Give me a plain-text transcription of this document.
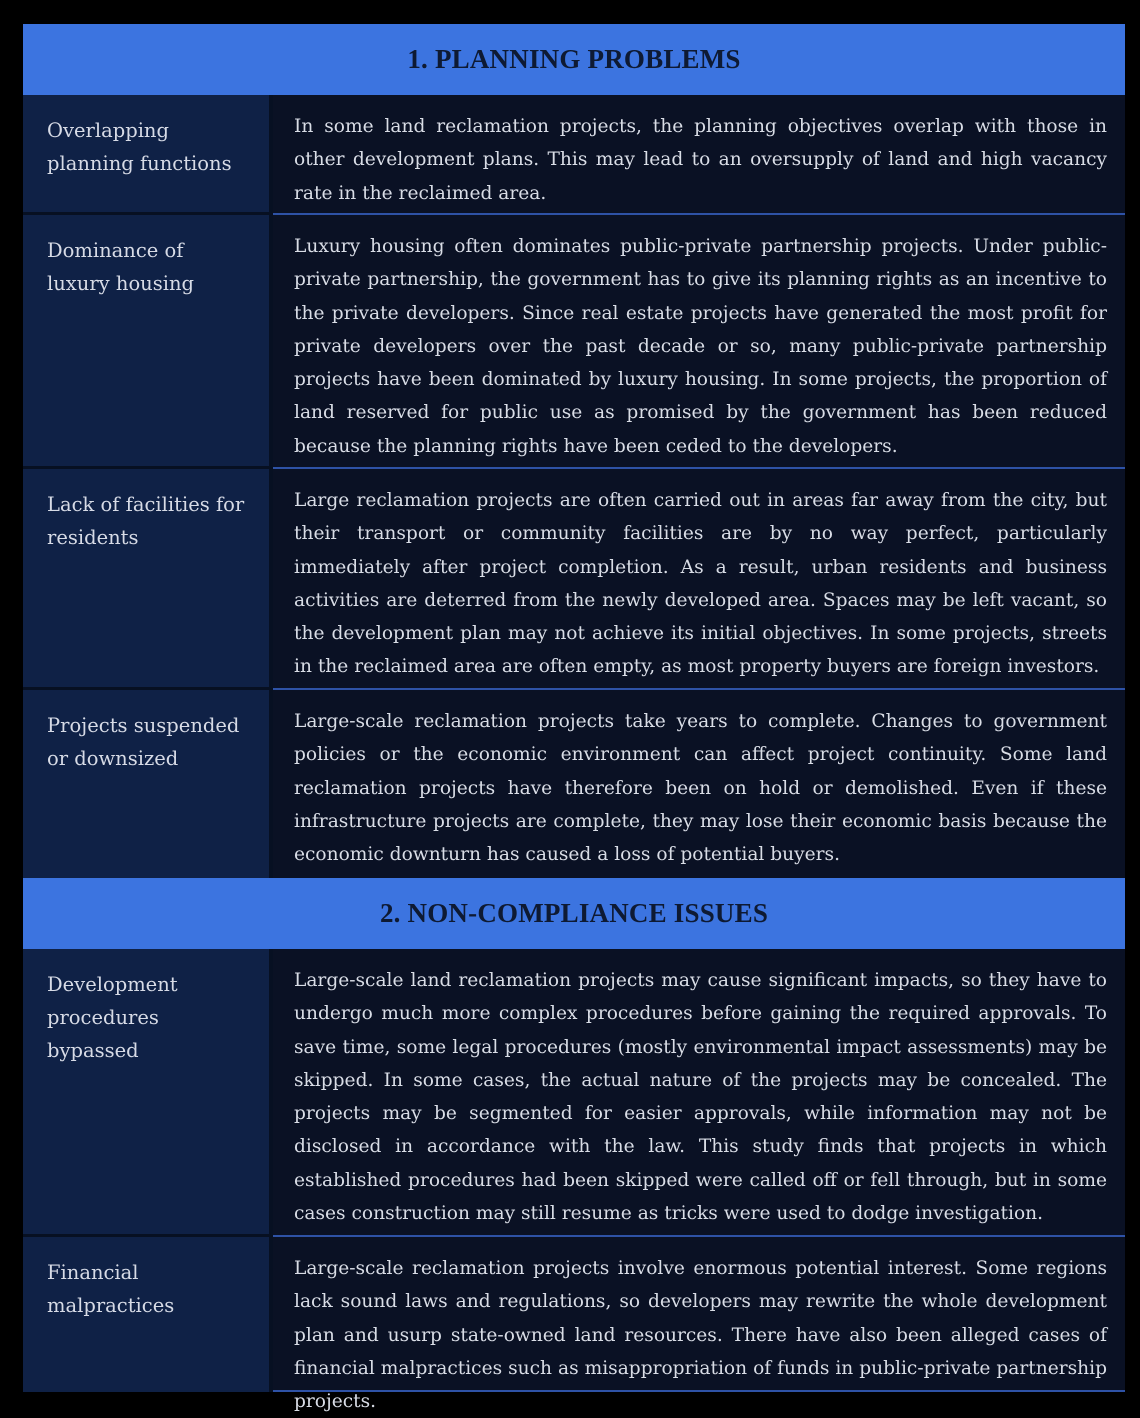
1. PLANNING PROBLEMS
Overlapping planning functions
In some land reclamation projects, the planning objectives overlap with those in other development plans. This may lead to an oversupply of land and high vacancy rate in the reclaimed area.
Dominance of luxury housing
Luxury housing often dominates public-private partnership projects. Under public-private partnership, the government has to give its planning rights as an incentive to the private developers. Since real estate projects have generated the most profit for private developers over the past decade or so, many public-private partnership projects have been dominated by luxury housing. In some projects, the proportion of land reserved for public use as promised by the government has been reduced because the planning rights have been ceded to the developers.
Lack of facilities for residents
Large reclamation projects are often carried out in areas far away from the city, but their transport or community facilities are by no way perfect, particularly immediately after project completion. As a result, urban residents and business activities are deterred from the newly developed area. Spaces may be left vacant, so the development plan may not achieve its initial objectives. In some projects, streets in the reclaimed area are often empty, as most property buyers are foreign investors.
Projects suspended or downsized
Large-scale reclamation projects take years to complete. Changes to government policies or the economic environment can affect project continuity. Some land reclamation projects have therefore been on hold or demolished. Even if these infrastructure projects are complete, they may lose their economic basis because the economic downturn has caused a loss of potential buyers.
2. NON-COMPLIANCE ISSUES
Development procedures bypassed
Large-scale land reclamation projects may cause significant impacts, so they have to undergo much more complex procedures before gaining the required approvals. To save time, some legal procedures (mostly environmental impact assessments) may be skipped. In some cases, the actual nature of the projects may be concealed. The projects may be segmented for easier approvals, while information may not be disclosed in accordance with the law. This study finds that projects in which established procedures had been skipped were called off or fell through, but in some cases construction may still resume as tricks were used to dodge investigation.
Financial malpractices
Large-scale reclamation projects involve enormous potential interest. Some regions lack sound laws and regulations, so developers may rewrite the whole development plan and usurp state-owned land resources. There have also been alleged cases of financial malpractices such as misappropriation of funds in public-private partnership projects.
